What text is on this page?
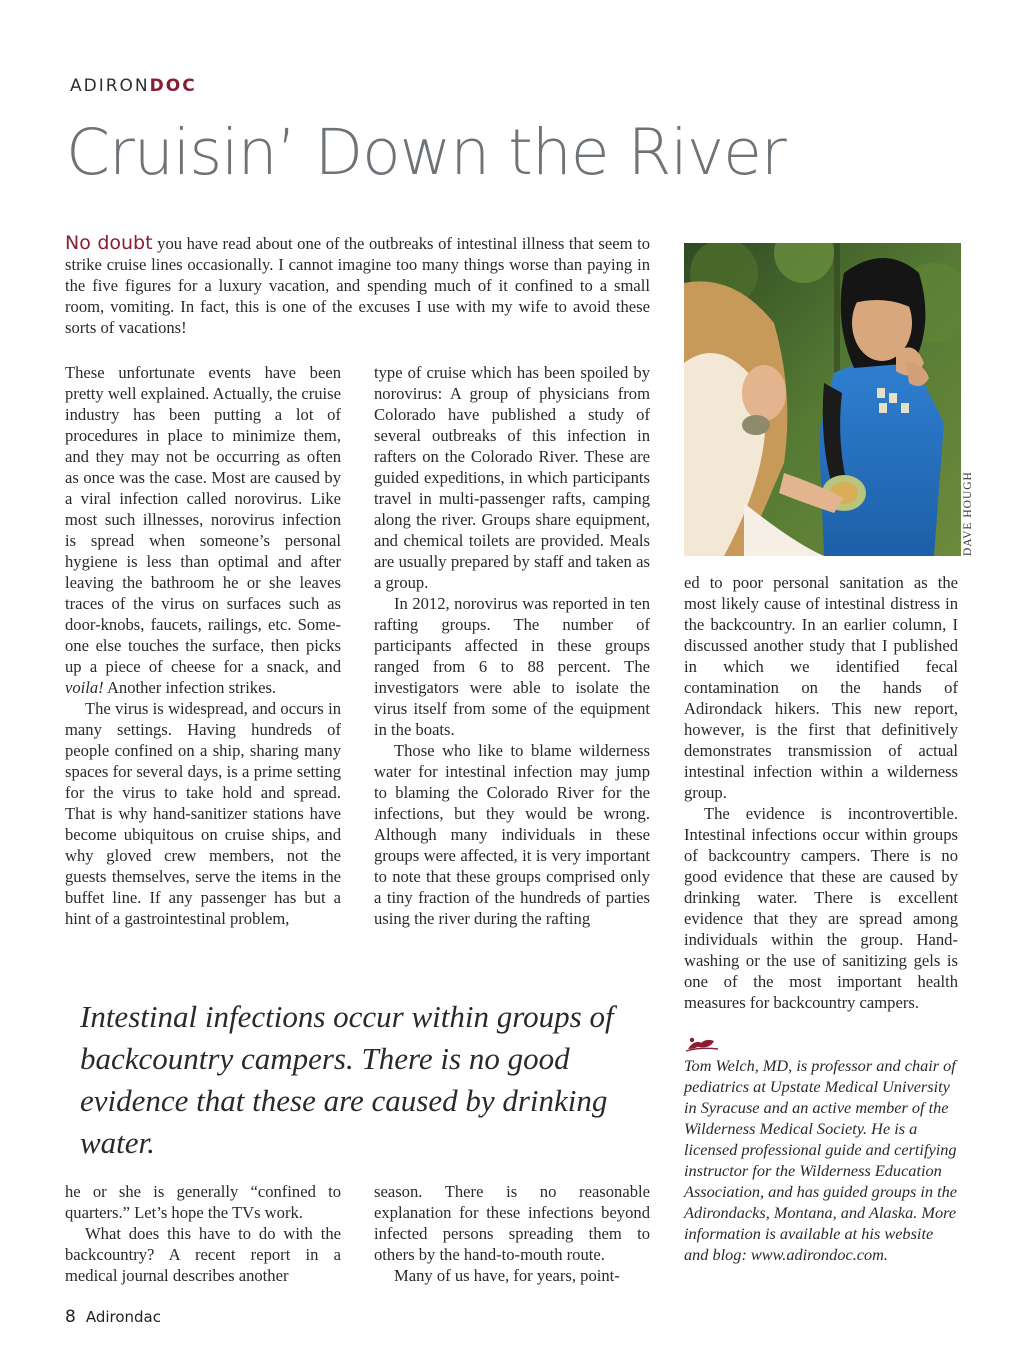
ADIRONDOC
Cruisin’ Down the River

No doubt you have read about one of the outbreaks of intestinal illness that seem to strike cruise lines occasionally. I cannot imagine too many things worse than paying in the five figures for a luxury vacation, and spending much of it confined to a small room, vomiting. In fact, this is one of the excuses I use with my wife to avoid these sorts of vacations!

These unfortunate events have been pretty well explained. Actually, the cruise industry has been putting a lot of procedures in place to minimize them, and they may not be occurring as often as once was the case. Most are caused by a viral infection called norovirus. Like most such illnesses, norovirus infection is spread when someone’s personal hygiene is less than optimal and after leaving the bathroom he or she leaves traces of the virus on surfaces such as door-knobs, faucets, railings, etc. Some-one else touches the surface, then picks up a piece of cheese for a snack, and voila! Another infection strikes.

The virus is widespread, and occurs in many settings. Having hundreds of people confined on a ship, sharing many spaces for several days, is a prime setting for the virus to take hold and spread. That is why hand-sanitizer stations have become ubiquitous on cruise ships, and why gloved crew members, not the guests themselves, serve the items in the buffet line. If any passenger has but a hint of a gastrointestinal problem,

type of cruise which has been spoiled by norovirus: A group of physicians from Colorado have published a study of several outbreaks of this infection in rafters on the Colorado River. These are guided expeditions, in which participants travel in multi-passenger rafts, camping along the river. Groups share equipment, and chemical toilets are provided. Meals are usually prepared by staff and taken as a group.

In 2012, norovirus was reported in ten rafting groups. The number of participants affected in these groups ranged from 6 to 88 percent. The investigators were able to isolate the virus itself from some of the equipment in the boats.

Those who like to blame wilderness water for intestinal infection may jump to blaming the Colorado River for the infections, but they would be wrong. Although many individuals in these groups were affected, it is very important to note that these groups comprised only a tiny fraction of the hundreds of parties using the river during the rafting

DAVE HOUGH

ed to poor personal sanitation as the most likely cause of intestinal distress in the backcountry. In an earlier column, I discussed another study that I published in which we identified fecal contamination on the hands of Adirondack hikers. This new report, however, is the first that definitively demonstrates transmission of actual intestinal infection within a wilderness group.

The evidence is incontrovertible. Intestinal infections occur within groups of backcountry campers. There is no good evidence that these are caused by drinking water. There is excellent evidence that they are spread among individuals within the group. Hand-washing or the use of sanitizing gels is one of the most important health measures for backcountry campers.

Intestinal infections occur within groups of backcountry campers. There is no good evidence that these are caused by drinking water.

he or she is generally “confined to quarters.” Let’s hope the TVs work.

What does this have to do with the backcountry? A recent report in a medical journal describes another

season. There is no reasonable explanation for these infections beyond infected persons spreading them to others by the hand-to-mouth route.

Many of us have, for years, point-

Tom Welch, MD, is professor and chair of pediatrics at Upstate Medical University in Syracuse and an active member of the Wilderness Medical Society. He is a licensed professional guide and certifying instructor for the Wilderness Education Association, and has guided groups in the Adirondacks, Montana, and Alaska. More information is available at his website and blog: www.adirondoc.com.

8 Adirondac
